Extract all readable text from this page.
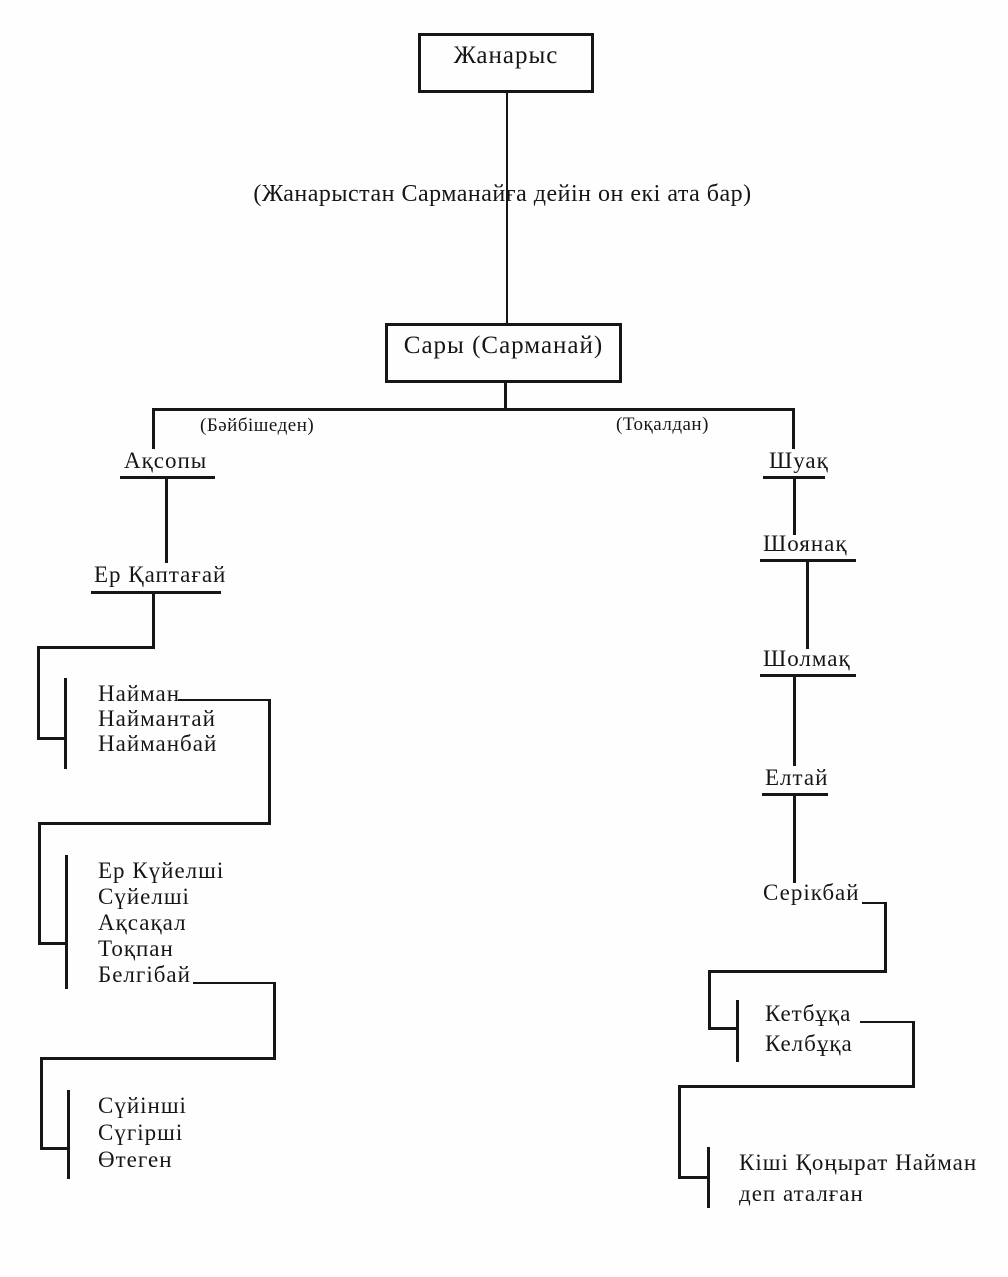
Жанарыс
(Жанарыстан Сарманайға дейін он екі ата бар)
Сары (Сарманай)
(Бәйбішеден)	(Тоқалдан)
Ақсопы
Ер Қаптағай
Найман
Наймантай
Найманбай
Ер Күйелші
Сүйелші
Ақсақал
Тоқпан
Белгібай
Сүйінші
Сүгірші
Өтеген
Шуақ
Шоянақ
Шолмақ
Елтай
Серікбай
Кетбұқа
Келбұқа
Кіші Қоңырат Найман
деп аталған
